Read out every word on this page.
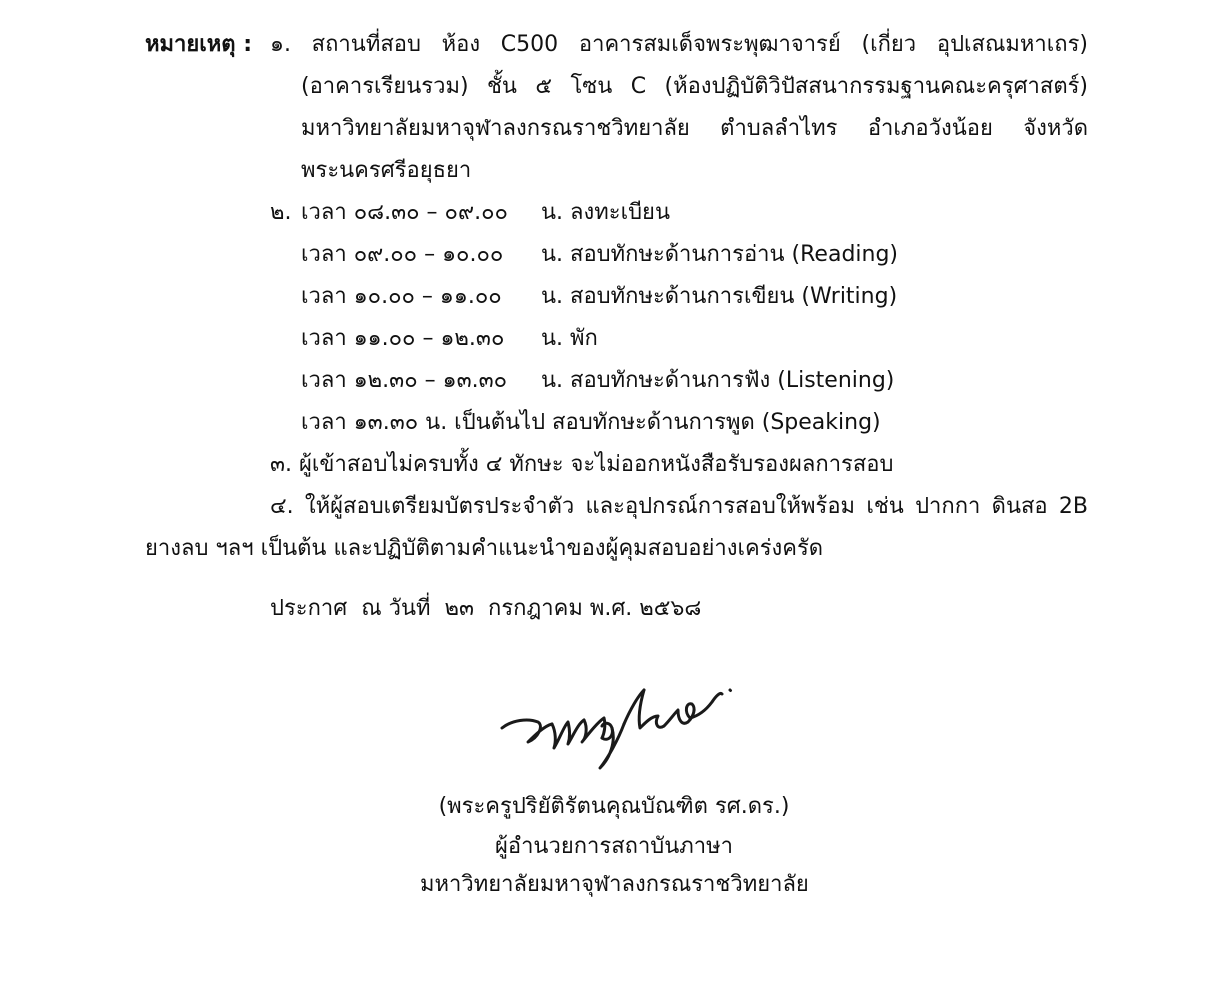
หมายเหตุ : ๑. สถานที่สอบ ห้อง C500 อาคารสมเด็จพระพุฒาจารย์ (เกี่ยว อุปเสณมหาเถร)
(อาคารเรียนรวม) ชั้น ๕ โซน C (ห้องปฏิบัติวิปัสสนากรรมฐานคณะครุศาสตร์)
มหาวิทยาลัยมหาจุฬาลงกรณราชวิทยาลัย ตำบลลำไทร อำเภอวังน้อย จังหวัด
พระนครศรีอยุธยา
๒. เวลา ๐๘.๓๐ – ๐๙.๐๐ น. ลงทะเบียน
เวลา ๐๙.๐๐ – ๑๐.๐๐ น. สอบทักษะด้านการอ่าน (Reading)
เวลา ๑๐.๐๐ – ๑๑.๐๐ น. สอบทักษะด้านการเขียน (Writing)
เวลา ๑๑.๐๐ – ๑๒.๓๐ น. พัก
เวลา ๑๒.๓๐ – ๑๓.๓๐ น. สอบทักษะด้านการฟัง (Listening)
เวลา ๑๓.๓๐ น. เป็นต้นไป สอบทักษะด้านการพูด (Speaking)
๓. ผู้เข้าสอบไม่ครบทั้ง ๔ ทักษะ จะไม่ออกหนังสือรับรองผลการสอบ
๔. ให้ผู้สอบเตรียมบัตรประจำตัว และอุปกรณ์การสอบให้พร้อม เช่น ปากกา ดินสอ 2B
ยางลบ ฯลฯ เป็นต้น และปฏิบัติตามคำแนะนำของผู้คุมสอบอย่างเคร่งครัด
ประกาศ  ณ วันที่  ๒๓  กรกฎาคม พ.ศ. ๒๕๖๘
(พระครูปริยัติรัตนคุณบัณฑิต รศ.ดร.)
ผู้อำนวยการสถาบันภาษา
มหาวิทยาลัยมหาจุฬาลงกรณราชวิทยาลัย
